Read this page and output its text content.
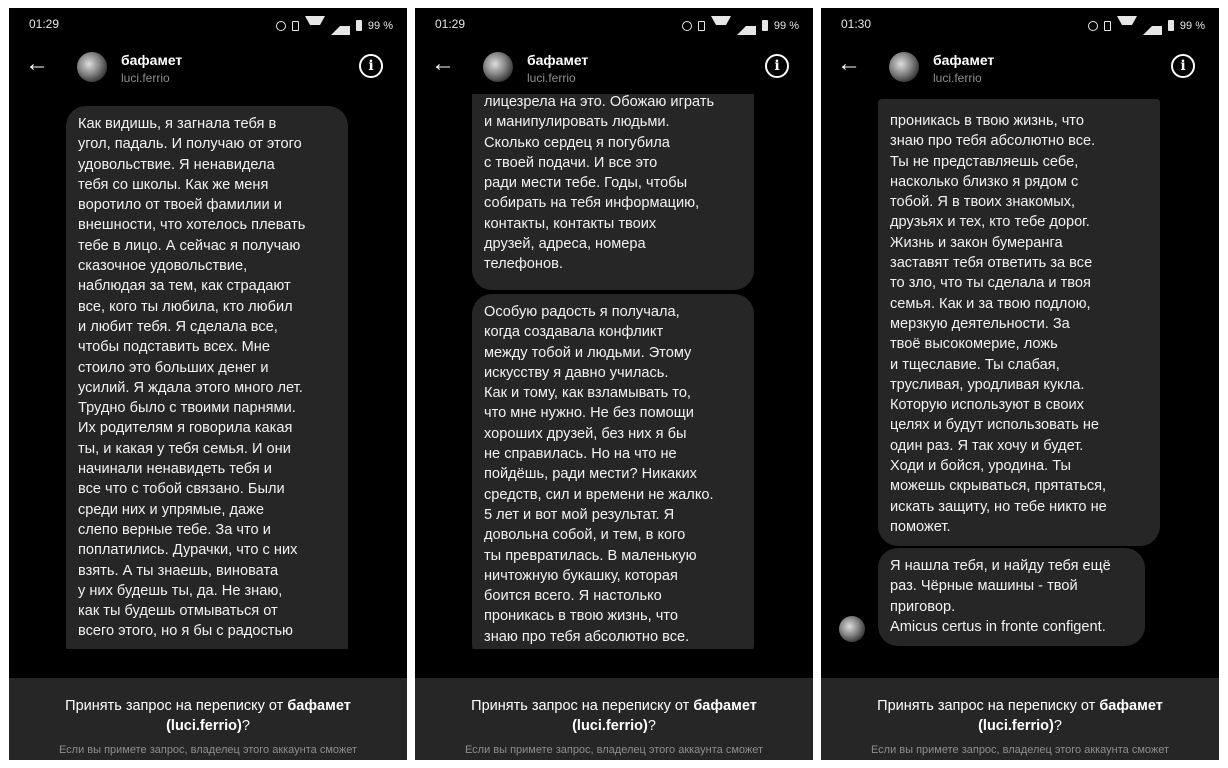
01:29	99 %
←	бафамет
luci.ferrio
i
Как видишь, я загнала тебя в
угол, падаль. И получаю от этого
удовольствие. Я ненавидела
тебя со школы. Как же меня
воротило от твоей фамилии и
внешности, что хотелось плевать
тебе в лицо. А сейчас я получаю
сказочное удовольствие,
наблюдая за тем, как страдают
все, кого ты любила, кто любил
и любит тебя. Я сделала все,
чтобы подставить всех. Мне
стоило это больших денег и
усилий. Я ждала этого много лет.
Трудно было с твоими парнями.
Их родителям я говорила какая
ты, и какая у тебя семья. И они
начинали ненавидеть тебя и
все что с тобой связано. Были
среди них и упрямые, даже
слепо верные тебе. За что и
поплатились. Дурачки, что с них
взять. А ты знаешь, виновата
у них будешь ты, да. Не знаю,
как ты будешь отмываться от
всего этого, но я бы с радостью
Принять запрос на переписку от бафамет
(luci.ferrio)?
Если вы примете запрос, владелец этого аккаунта сможет
01:29	99 %
←	бафамет
luci.ferrio
i
лицезрела на это. Обожаю играть
и манипулировать людьми.
Сколько сердец я погубила
с твоей подачи. И все это
ради мести тебе. Годы, чтобы
собирать на тебя информацию,
контакты, контакты твоих
друзей, адреса, номера
телефонов.
Особую радость я получала,
когда создавала конфликт
между тобой и людьми. Этому
искусству я давно училась.
Как и тому, как взламывать то,
что мне нужно. Не без помощи
хороших друзей, без них я бы
не справилась. Но на что не
пойдёшь, ради мести? Никаких
средств, сил и времени не жалко.
5 лет и вот мой результат. Я
довольна собой, и тем, в кого
ты превратилась. В маленькую
ничтожную букашку, которая
боится всего. Я настолько
проникась в твою жизнь, что
знаю про тебя абсолютно все.
Принять запрос на переписку от бафамет
(luci.ferrio)?
Если вы примете запрос, владелец этого аккаунта сможет
01:30	99 %
←	бафамет
luci.ferrio
i
проникась в твою жизнь, что
знаю про тебя абсолютно все.
Ты не представляешь себе,
насколько близко я рядом с
тобой. Я в твоих знакомых,
друзьях и тех, кто тебе дорог.
Жизнь и закон бумеранга
заставят тебя ответить за все
то зло, что ты сделала и твоя
семья. Как и за твою подлою,
мерзкую деятельности. За
твоё высокомерие, ложь
и тщеславие. Ты слабая,
трусливая, уродливая кукла.
Которую используют в своих
целях и будут использовать не
один раз. Я так хочу и будет.
Ходи и бойся, уродина. Ты
можешь скрываться, прятаться,
искать защиту, но тебе никто не
поможет.
Я нашла тебя, и найду тебя ещё
раз. Чёрные машины - твой
приговор.
Amicus certus in fronte configent.
Принять запрос на переписку от бафамет
(luci.ferrio)?
Если вы примете запрос, владелец этого аккаунта сможет
